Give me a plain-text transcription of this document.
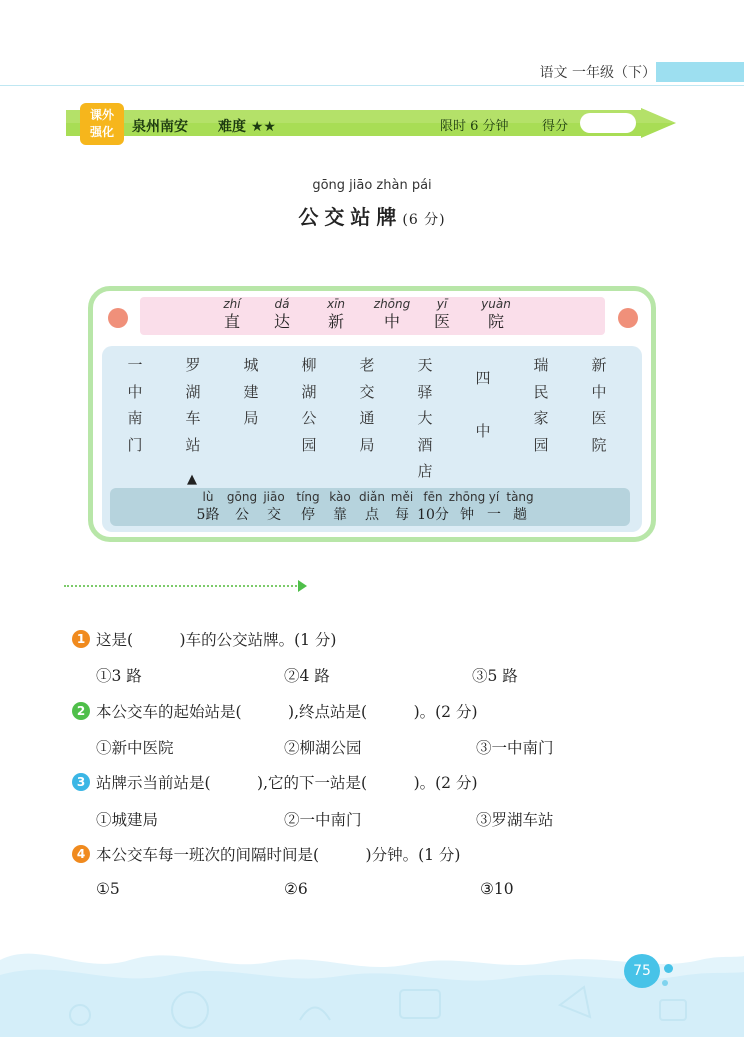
语文 一年级（下）
课外
强化 泉州南安 难度 ★★	限时 6 分钟	得分
gōng jiāo zhàn pái
公交站牌(6 分)
zhí
直
dá
达
xīn
新
zhōng
中
yī
医
yuàn
院
一中南门
罗湖车站
城建局
柳湖公园
老交通局
天驿大酒店
四中
瑞民家园
新中医院
▲
lù
5路
gōng
公
jiāo
交
tíng
停
kào
靠
diǎn
点
měi
每
fēn
10分
zhōng
钟
yí
一
tàng
趟
1 这是(　　　)车的公交站牌。(1 分)
①3 路	②4 路	③5 路
2 本公交车的起始站是(　　　),终点站是(　　　)。(2 分)
①新中医院	②柳湖公园	③一中南门
3 站牌示当前站是(　　　),它的下一站是(　　　)。(2 分)
①城建局	②一中南门	③罗湖车站
4 本公交车每一班次的间隔时间是(　　　)分钟。(1 分)
①5	②6	③10
75
